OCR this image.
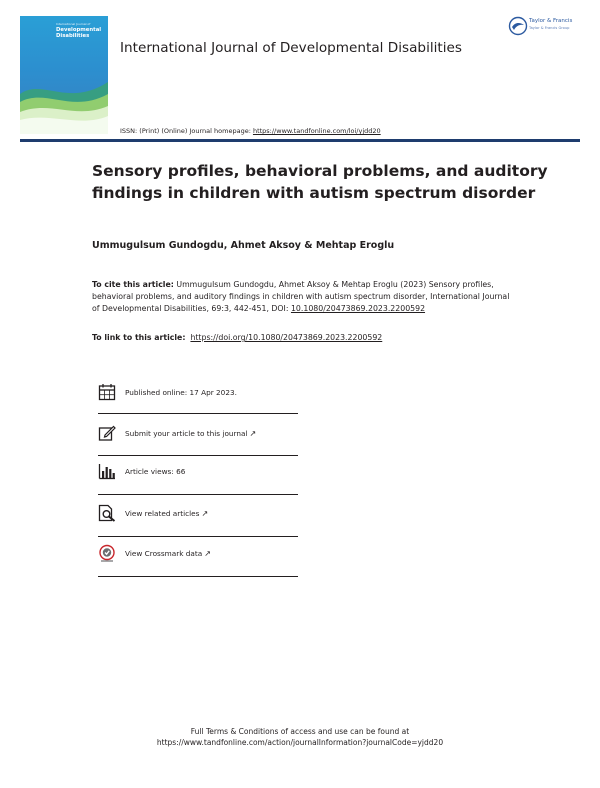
International Journal of
Developmental
Disabilities
International Journal of Developmental Disabilities
Taylor & Francis
Taylor & Francis Group
ISSN: (Print) (Online) Journal homepage: https://www.tandfonline.com/loi/yjdd20
Sensory profiles, behavioral problems, and auditory findings in children with autism spectrum disorder
Ummugulsum Gundogdu, Ahmet Aksoy & Mehtap Eroglu
To cite this article: Ummugulsum Gundogdu, Ahmet Aksoy & Mehtap Eroglu (2023) Sensory profiles, behavioral problems, and auditory findings in children with autism spectrum disorder, International Journal of Developmental Disabilities, 69:3, 442-451, DOI: 10.1080/20473869.2023.2200592
To link to this article: https://doi.org/10.1080/20473869.2023.2200592
Published online: 17 Apr 2023.
Submit your article to this journal ↗
Article views: 66
View related articles ↗
View Crossmark data ↗
Full Terms & Conditions of access and use can be found at
https://www.tandfonline.com/action/journalInformation?journalCode=yjdd20
